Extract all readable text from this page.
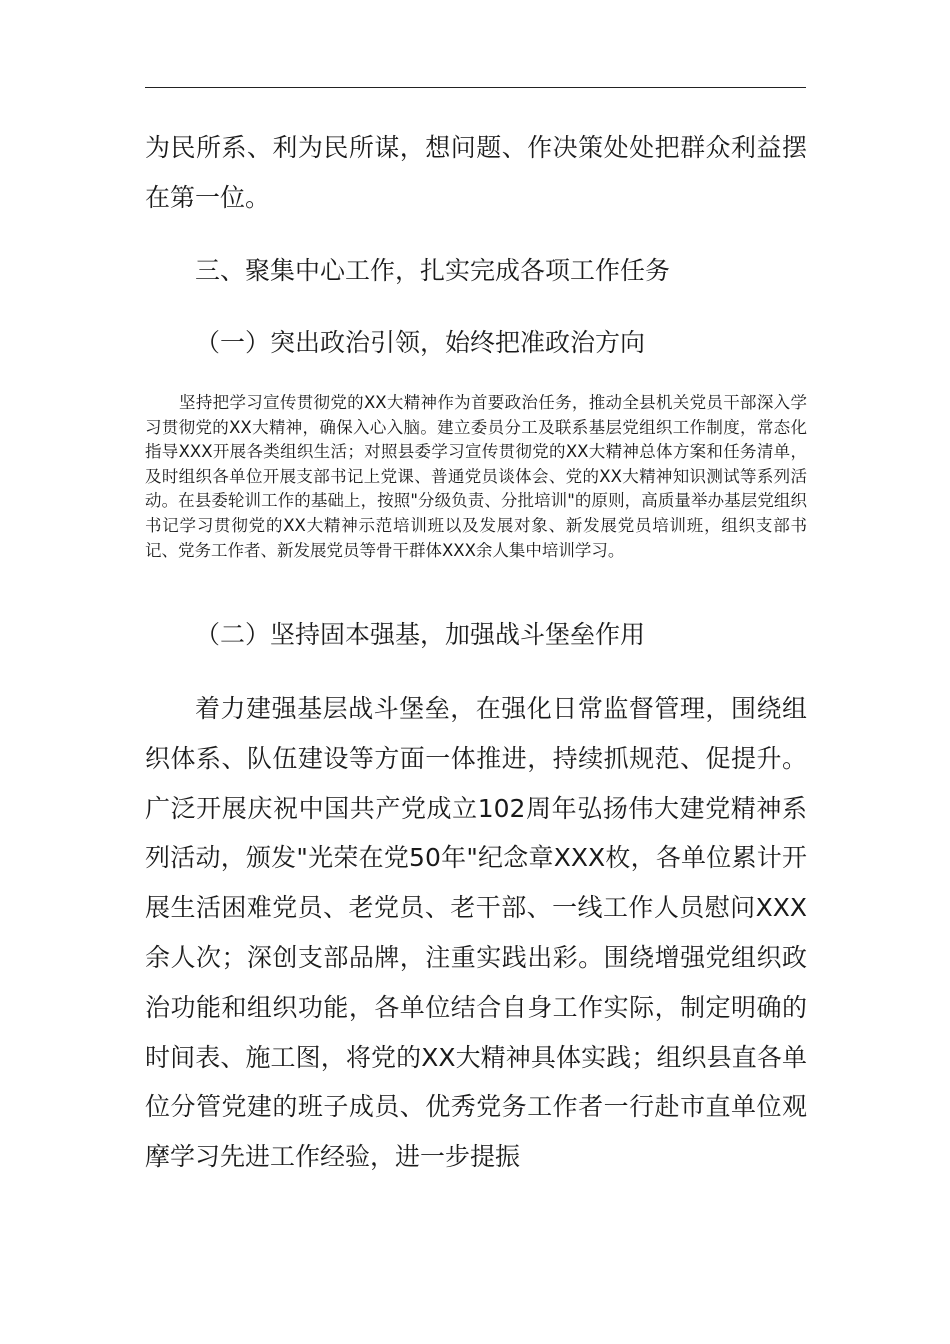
为民所系、利为民所谋，想问题、作决策处处把群众利益摆在第一位。

三、聚集中心工作，扎实完成各项工作任务

（一）突出政治引领，始终把准政治方向

坚持把学习宣传贯彻党的XX大精神作为首要政治任务，推动全县机关党员干部深入学习贯彻党的XX大精神，确保入心入脑。建立委员分工及联系基层党组织工作制度，常态化指导XXX开展各类组织生活；对照县委学习宣传贯彻党的XX大精神总体方案和任务清单，及时组织各单位开展支部书记上党课、普通党员谈体会、党的XX大精神知识测试等系列活动。在县委轮训工作的基础上，按照"分级负责、分批培训"的原则，高质量举办基层党组织书记学习贯彻党的XX大精神示范培训班以及发展对象、新发展党员培训班，组织支部书记、党务工作者、新发展党员等骨干群体XXX余人集中培训学习。

（二）坚持固本强基，加强战斗堡垒作用

着力建强基层战斗堡垒，在强化日常监督管理，围绕组织体系、队伍建设等方面一体推进，持续抓规范、促提升。广泛开展庆祝中国共产党成立102周年弘扬伟大建党精神系列活动，颁发"光荣在党50年"纪念章XXX枚，各单位累计开展生活困难党员、老党员、老干部、一线工作人员慰问XXX余人次；深创支部品牌，注重实践出彩。围绕增强党组织政治功能和组织功能，各单位结合自身工作实际，制定明确的时间表、施工图，将党的XX大精神具体实践；组织县直各单位分管党建的班子成员、优秀党务工作者一行赴市直单位观摩学习先进工作经验，进一步提振
